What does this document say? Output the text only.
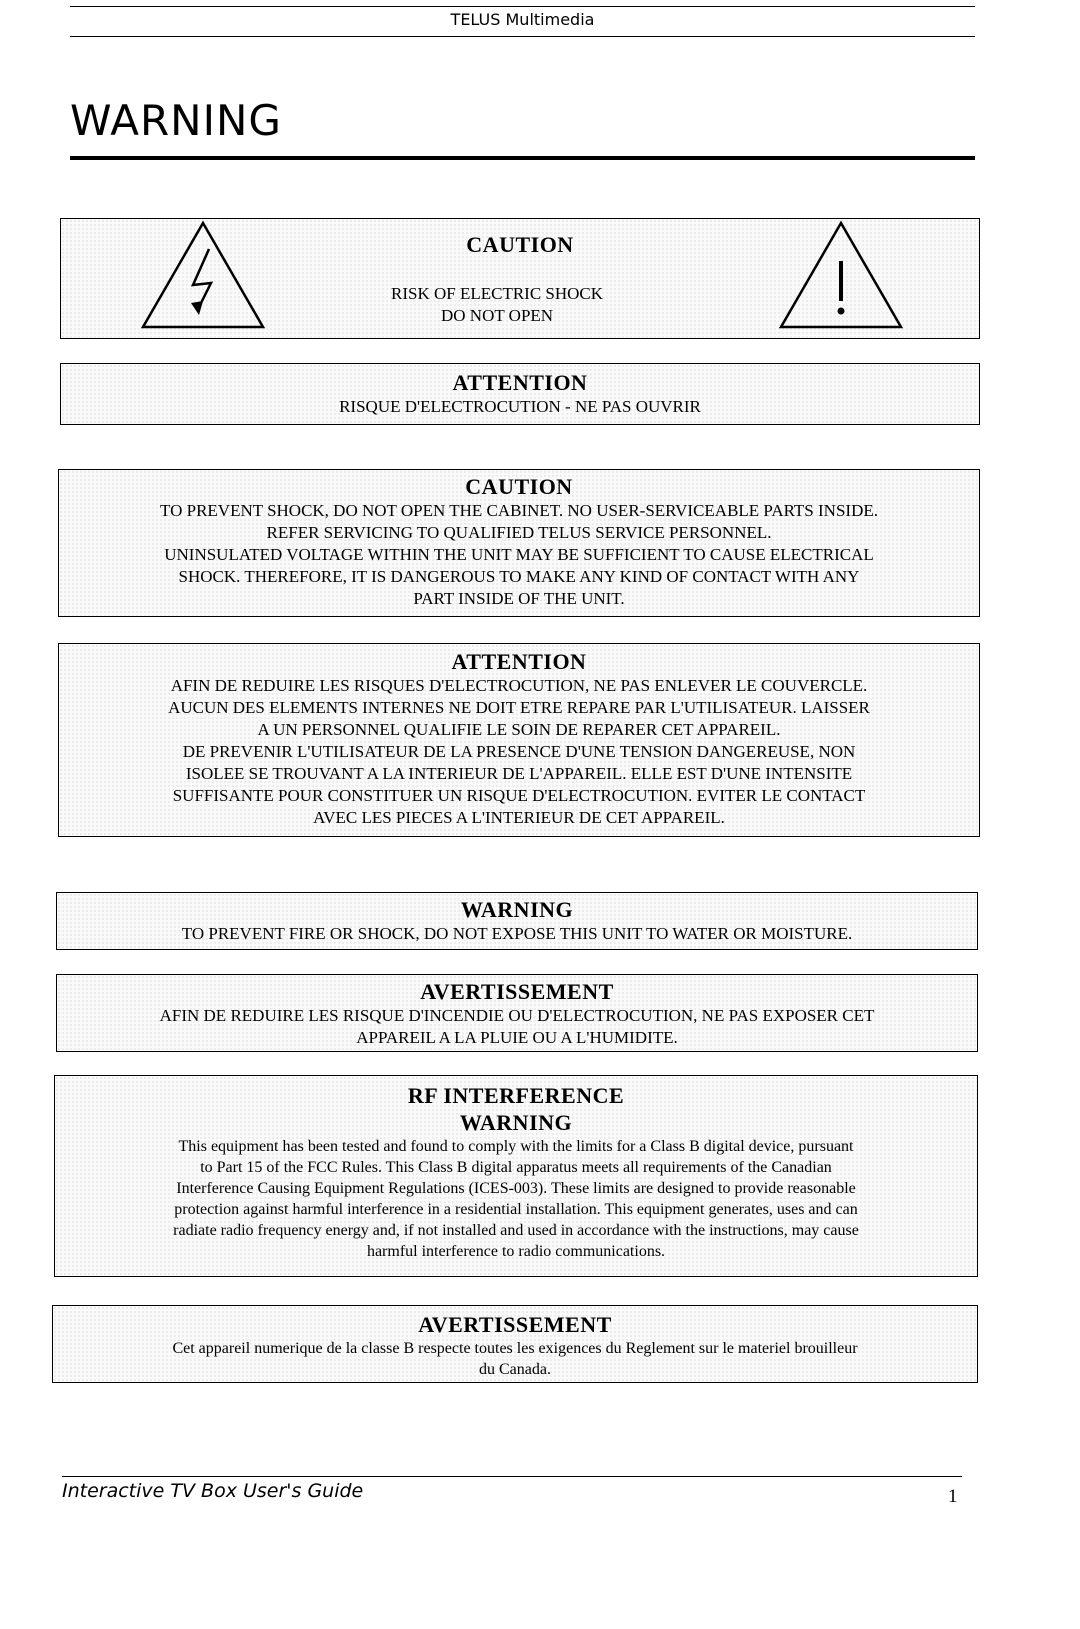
TELUS Multimedia
WARNING
CAUTION
RISK OF ELECTRIC SHOCK
DO NOT OPEN
ATTENTION
RISQUE D'ELECTROCUTION - NE PAS OUVRIR
CAUTION
TO PREVENT SHOCK, DO NOT OPEN THE CABINET. NO USER-SERVICEABLE PARTS INSIDE.
REFER SERVICING TO QUALIFIED TELUS SERVICE PERSONNEL.
UNINSULATED VOLTAGE WITHIN THE UNIT MAY BE SUFFICIENT TO CAUSE ELECTRICAL
SHOCK. THEREFORE, IT IS DANGEROUS TO MAKE ANY KIND OF CONTACT WITH ANY
PART INSIDE OF THE UNIT.
ATTENTION
AFIN DE REDUIRE LES RISQUES D'ELECTROCUTION, NE PAS ENLEVER LE COUVERCLE.
AUCUN DES ELEMENTS INTERNES NE DOIT ETRE REPARE PAR L'UTILISATEUR. LAISSER
A UN PERSONNEL QUALIFIE LE SOIN DE REPARER CET APPAREIL.
DE PREVENIR L'UTILISATEUR DE LA PRESENCE D'UNE TENSION DANGEREUSE, NON
ISOLEE SE TROUVANT A LA INTERIEUR DE L'APPAREIL. ELLE EST D'UNE INTENSITE
SUFFISANTE POUR CONSTITUER UN RISQUE D'ELECTROCUTION. EVITER LE CONTACT
AVEC LES PIECES A L'INTERIEUR DE CET APPAREIL.
WARNING
TO PREVENT FIRE OR SHOCK, DO NOT EXPOSE THIS UNIT TO WATER OR MOISTURE.
AVERTISSEMENT
AFIN DE REDUIRE LES RISQUE D'INCENDIE OU D'ELECTROCUTION, NE PAS EXPOSER CET
APPAREIL A LA PLUIE OU A L'HUMIDITE.
RF INTERFERENCE
WARNING
This equipment has been tested and found to comply with the limits for a Class B digital device, pursuant
to Part 15 of the FCC Rules. This Class B digital apparatus meets all requirements of the Canadian
Interference Causing Equipment Regulations (ICES-003). These limits are designed to provide reasonable
protection against harmful interference in a residential installation. This equipment generates, uses and can
radiate radio frequency energy and, if not installed and used in accordance with the instructions, may cause
harmful interference to radio communications.
AVERTISSEMENT
Cet appareil numerique de la classe B respecte toutes les exigences du Reglement sur le materiel brouilleur
du Canada.
Interactive TV Box User's Guide	1
